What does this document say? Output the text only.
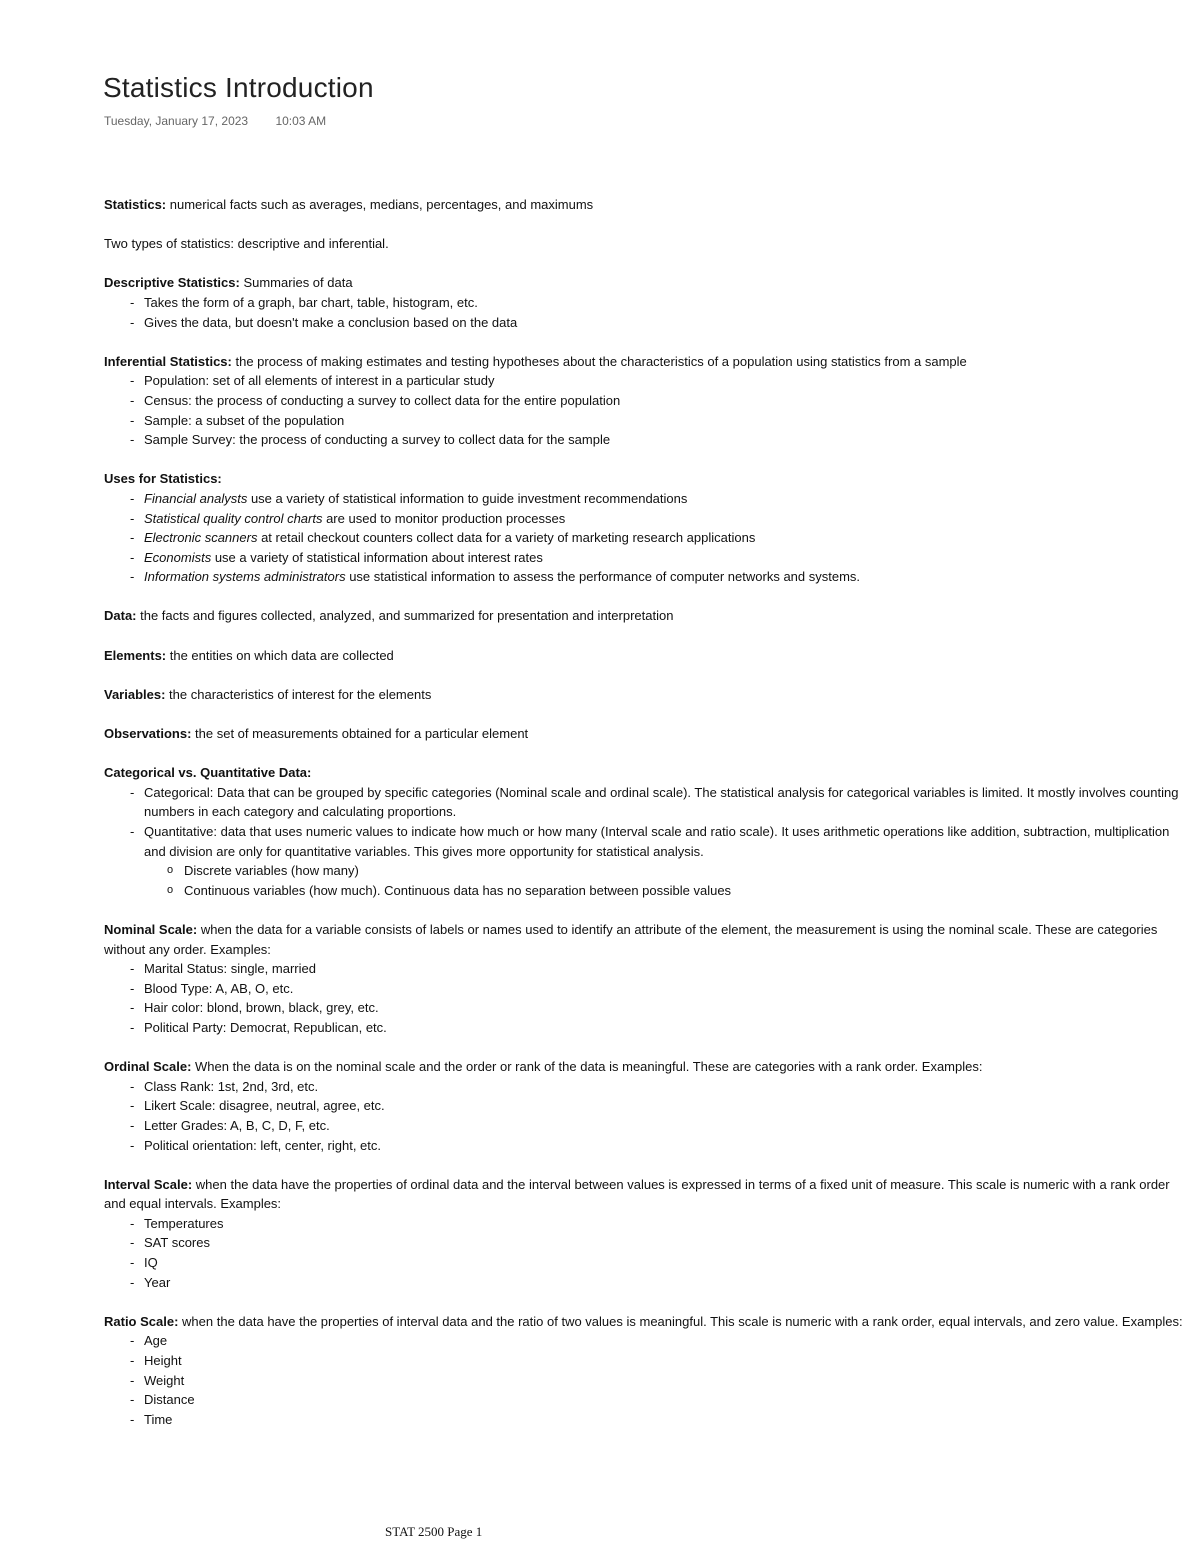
Statistics Introduction
Tuesday, January 17, 2023 10:03 AM

Statistics: numerical facts such as averages, medians, percentages, and maximums

Two types of statistics: descriptive and inferential.

Descriptive Statistics: Summaries of data

- Takes the form of a graph, bar chart, table, histogram, etc.
- Gives the data, but doesn't make a conclusion based on the data

Inferential Statistics: the process of making estimates and testing hypotheses about the characteristics of a population using statistics from a sample

- Population: set of all elements of interest in a particular study
- Census: the process of conducting a survey to collect data for the entire population
- Sample: a subset of the population
- Sample Survey: the process of conducting a survey to collect data for the sample

Uses for Statistics:

- Financial analysts use a variety of statistical information to guide investment recommendations
- Statistical quality control charts are used to monitor production processes
- Electronic scanners at retail checkout counters collect data for a variety of marketing research applications
- Economists use a variety of statistical information about interest rates
- Information systems administrators use statistical information to assess the performance of computer networks and systems.

Data: the facts and figures collected, analyzed, and summarized for presentation and interpretation

Elements: the entities on which data are collected

Variables: the characteristics of interest for the elements

Observations: the set of measurements obtained for a particular element

Categorical vs. Quantitative Data:

- Categorical: Data that can be grouped by specific categories (Nominal scale and ordinal scale). The statistical analysis for categorical variables is limited. It mostly involves counting numbers in each category and calculating proportions.
- Quantitative: data that uses numeric values to indicate how much or how many (Interval scale and ratio scale). It uses arithmetic operations like addition, subtraction, multiplication and division are only for quantitative variables. This gives more opportunity for statistical analysis.
o Discrete variables (how many)
o Continuous variables (how much). Continuous data has no separation between possible values

Nominal Scale: when the data for a variable consists of labels or names used to identify an attribute of the element, the measurement is using the nominal scale. These are categories without any order. Examples:

- Marital Status: single, married
- Blood Type: A, AB, O, etc.
- Hair color: blond, brown, black, grey, etc.
- Political Party: Democrat, Republican, etc.

Ordinal Scale: When the data is on the nominal scale and the order or rank of the data is meaningful. These are categories with a rank order. Examples:

- Class Rank: 1st, 2nd, 3rd, etc.
- Likert Scale: disagree, neutral, agree, etc.
- Letter Grades: A, B, C, D, F, etc.
- Political orientation: left, center, right, etc.

Interval Scale: when the data have the properties of ordinal data and the interval between values is expressed in terms of a fixed unit of measure. This scale is numeric with a rank order and equal intervals. Examples:

- Temperatures
- SAT scores
- IQ
- Year

Ratio Scale: when the data have the properties of interval data and the ratio of two values is meaningful. This scale is numeric with a rank order, equal intervals, and zero value. Examples:

- Age
- Height
- Weight
- Distance
- Time
STAT 2500 Page 1
